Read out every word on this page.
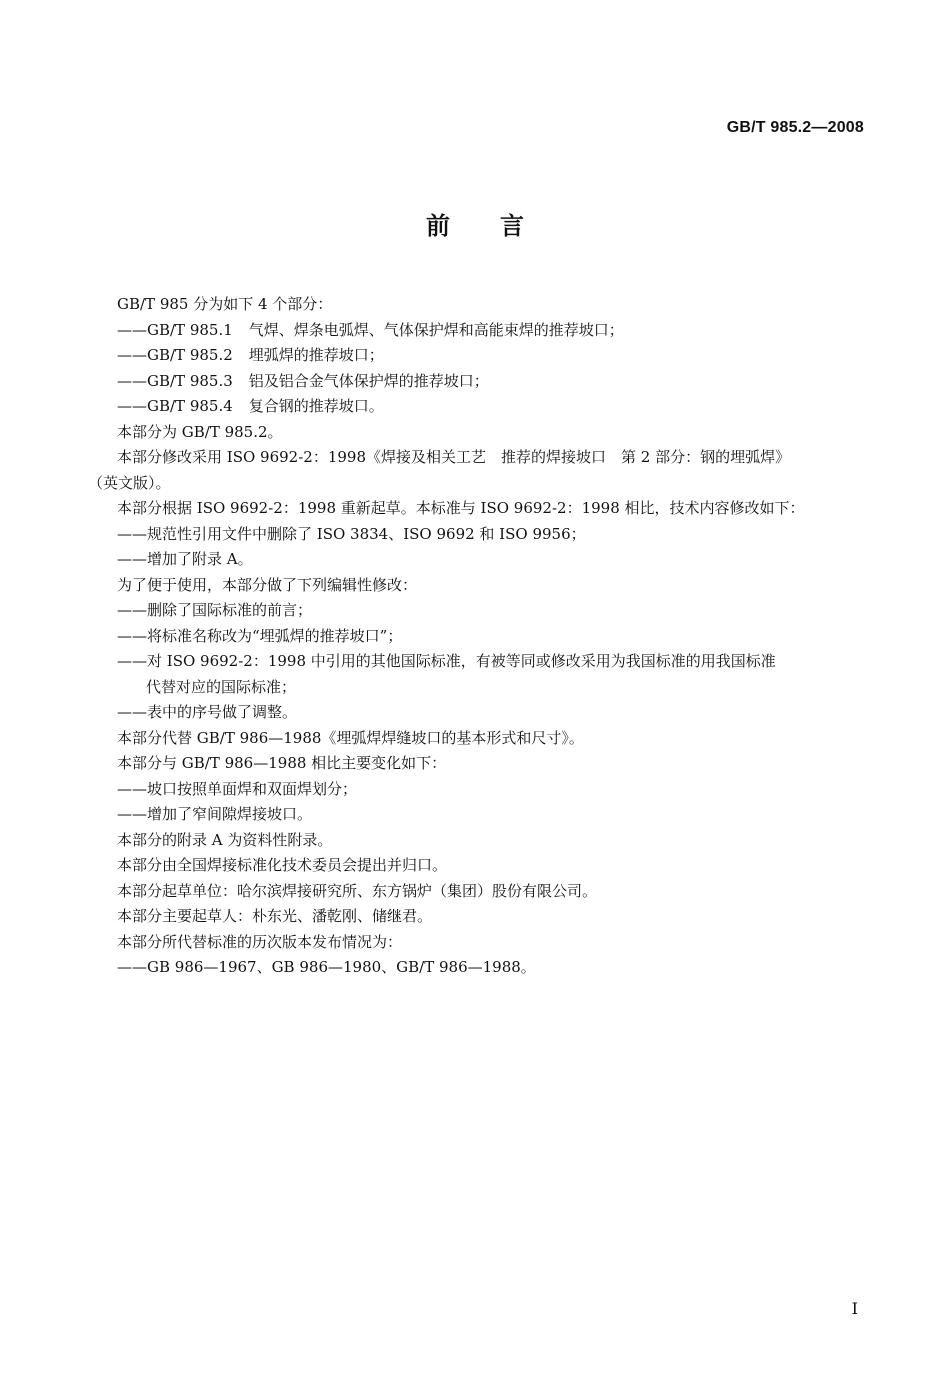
GB/T 985.2—2008
前言
GB/T 985 分为如下 4 个部分：
——GB/T 985.1 气焊、焊条电弧焊、气体保护焊和高能束焊的推荐坡口；
——GB/T 985.2 埋弧焊的推荐坡口；
——GB/T 985.3 铝及铝合金气体保护焊的推荐坡口；
——GB/T 985.4 复合钢的推荐坡口。
本部分为 GB/T 985.2。
本部分修改采用 ISO 9692-2：1998《焊接及相关工艺　推荐的焊接坡口　第 2 部分：钢的埋弧焊》
（英文版）。
本部分根据 ISO 9692-2：1998 重新起草。本标准与 ISO 9692-2：1998 相比，技术内容修改如下：
——规范性引用文件中删除了 ISO 3834、ISO 9692 和 ISO 9956；
——增加了附录 A。
为了便于使用，本部分做了下列编辑性修改：
——删除了国际标准的前言；
——将标准名称改为“埋弧焊的推荐坡口”；
——对 ISO 9692-2：1998 中引用的其他国际标准，有被等同或修改采用为我国标准的用我国标准
代替对应的国际标准；
——表中的序号做了调整。
本部分代替 GB/T 986—1988《埋弧焊焊缝坡口的基本形式和尺寸》。
本部分与 GB/T 986—1988 相比主要变化如下：
——坡口按照单面焊和双面焊划分；
——增加了窄间隙焊接坡口。
本部分的附录 A 为资料性附录。
本部分由全国焊接标准化技术委员会提出并归口。
本部分起草单位：哈尔滨焊接研究所、东方锅炉（集团）股份有限公司。
本部分主要起草人：朴东光、潘乾刚、储继君。
本部分所代替标准的历次版本发布情况为：
——GB 986—1967、GB 986—1980、GB/T 986—1988。
I
